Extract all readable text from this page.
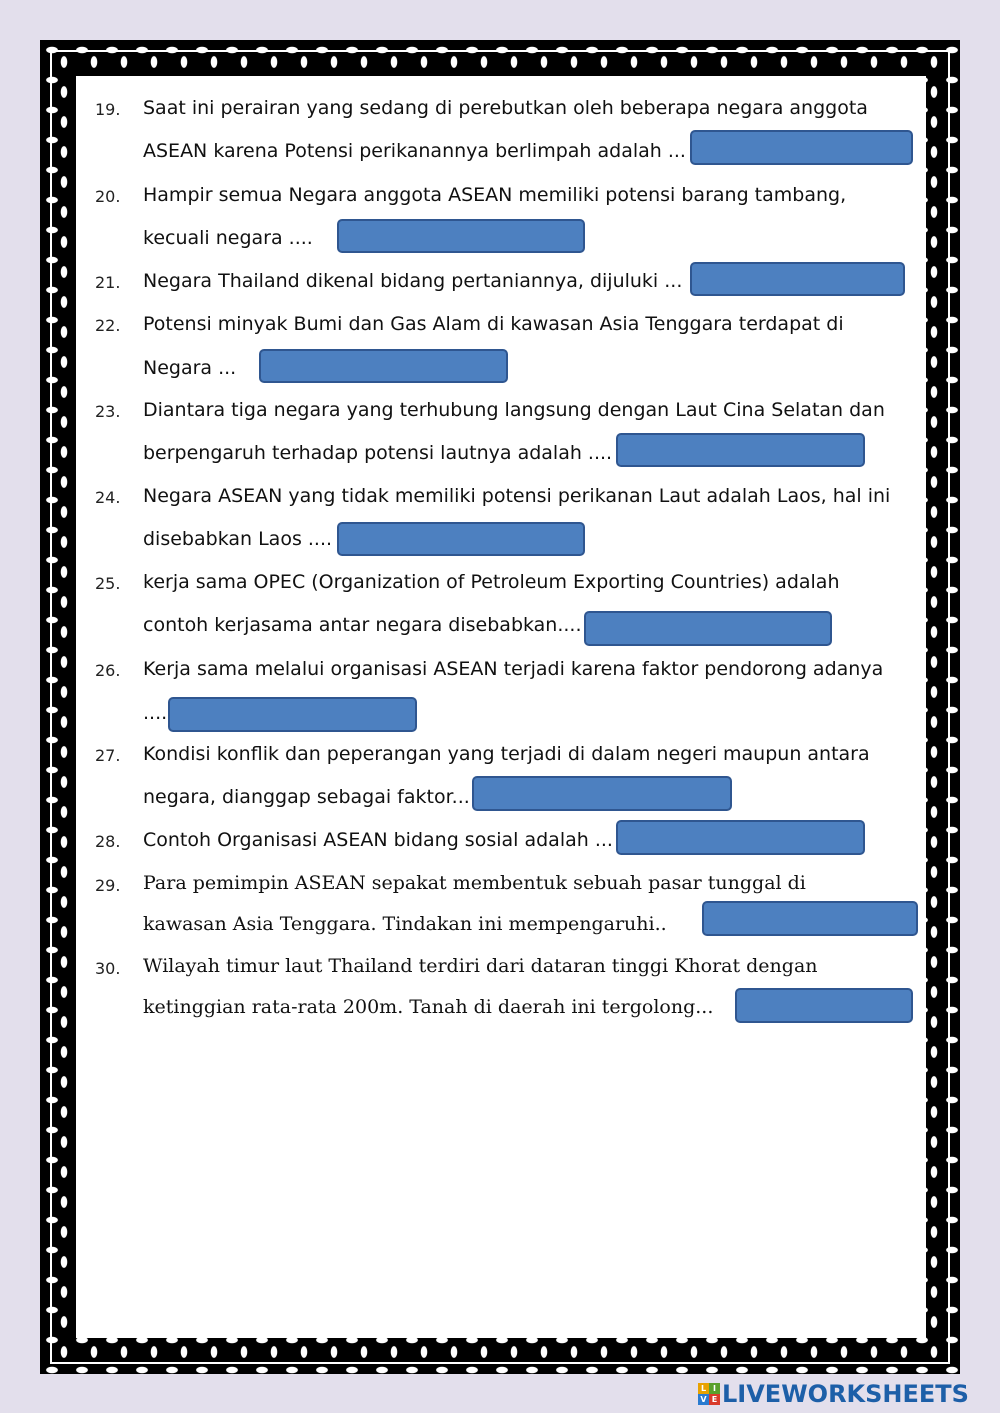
19. Saat ini perairan yang sedang di perebutkan oleh beberapa negara anggota
ASEAN karena Potensi perikanannya berlimpah adalah ...
20. Hampir semua Negara anggota ASEAN memiliki potensi barang tambang,
kecuali negara ....
21. Negara Thailand dikenal bidang pertaniannya, dijuluki ...
22. Potensi minyak Bumi dan Gas Alam di kawasan Asia Tenggara terdapat di
Negara ...
23. Diantara tiga negara yang terhubung langsung dengan Laut Cina Selatan dan
berpengaruh terhadap potensi lautnya adalah ....
24. Negara ASEAN yang tidak memiliki potensi perikanan Laut adalah Laos, hal ini
disebabkan Laos ....
25. kerja sama OPEC (Organization of Petroleum Exporting Countries) adalah
contoh kerjasama antar negara disebabkan....
26. Kerja sama melalui organisasi ASEAN terjadi karena faktor pendorong adanya
....
27. Kondisi konflik dan peperangan yang terjadi di dalam negeri maupun antara
negara, dianggap sebagai faktor...
28. Contoh Organisasi ASEAN bidang sosial adalah ...
29. Para pemimpin ASEAN sepakat membentuk sebuah pasar tunggal di
kawasan Asia Tenggara. Tindakan ini mempengaruhi..
30. Wilayah timur laut Thailand terdiri dari dataran tinggi Khorat dengan
ketinggian rata-rata 200m. Tanah di daerah ini tergolong...
L I
V E LIVEWORKSHEETS
